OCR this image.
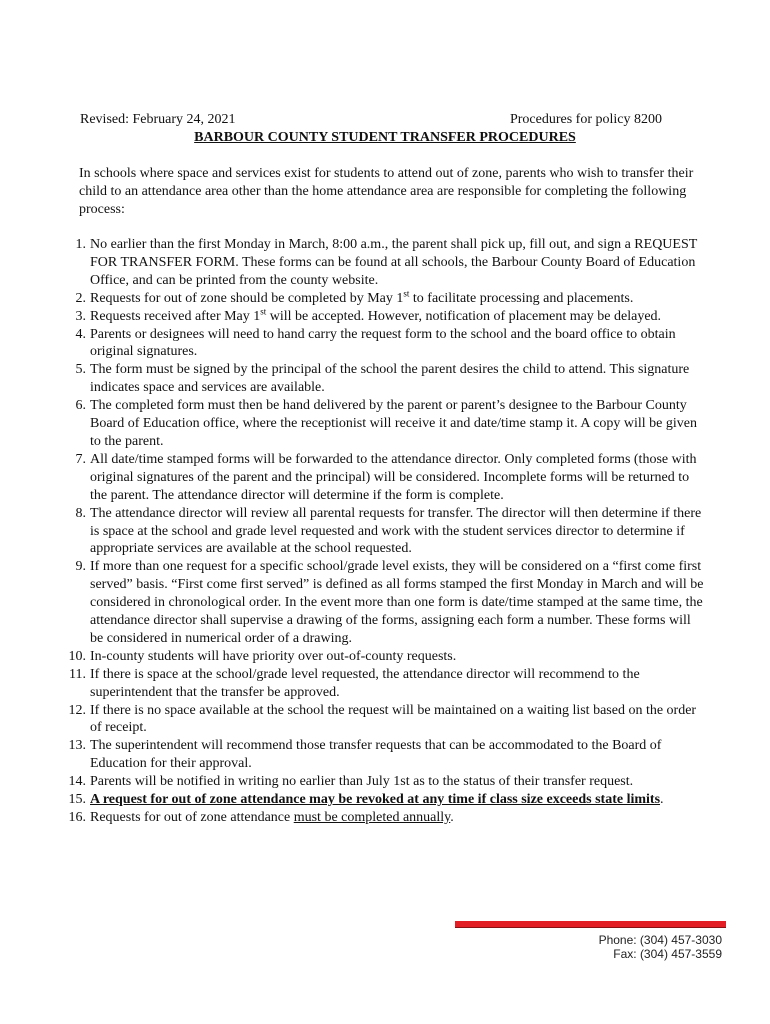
Revised: February 24, 2021	Procedures for policy 8200
BARBOUR COUNTY STUDENT TRANSFER PROCEDURES
In schools where space and services exist for students to attend out of zone, parents who wish to transfer their child to an attendance area other than the home attendance area are responsible for completing the following process:
1. No earlier than the first Monday in March, 8:00 a.m., the parent shall pick up, fill out, and sign a REQUEST FOR TRANSFER FORM. These forms can be found at all schools, the Barbour County Board of Education Office, and can be printed from the county website.
2. Requests for out of zone should be completed by May 1st to facilitate processing and placements.
3. Requests received after May 1st will be accepted. However, notification of placement may be delayed.
4. Parents or designees will need to hand carry the request form to the school and the board office to obtain original signatures.
5. The form must be signed by the principal of the school the parent desires the child to attend. This signature indicates space and services are available.
6. The completed form must then be hand delivered by the parent or parent’s designee to the Barbour County Board of Education office, where the receptionist will receive it and date/time stamp it. A copy will be given to the parent.
7. All date/time stamped forms will be forwarded to the attendance director. Only completed forms (those with original signatures of the parent and the principal) will be considered. Incomplete forms will be returned to the parent. The attendance director will determine if the form is complete.
8. The attendance director will review all parental requests for transfer. The director will then determine if there is space at the school and grade level requested and work with the student services director to determine if appropriate services are available at the school requested.
9. If more than one request for a specific school/grade level exists, they will be considered on a “first come first served” basis. “First come first served” is defined as all forms stamped the first Monday in March and will be considered in chronological order. In the event more than one form is date/time stamped at the same time, the attendance director shall supervise a drawing of the forms, assigning each form a number. These forms will be considered in numerical order of a drawing.
10. In-county students will have priority over out-of-county requests.
11. If there is space at the school/grade level requested, the attendance director will recommend to the superintendent that the transfer be approved.
12. If there is no space available at the school the request will be maintained on a waiting list based on the order of receipt.
13. The superintendent will recommend those transfer requests that can be accommodated to the Board of Education for their approval.
14. Parents will be notified in writing no earlier than July 1st as to the status of their transfer request.
15. A request for out of zone attendance may be revoked at any time if class size exceeds state limits.
16. Requests for out of zone attendance must be completed annually.
Phone: (304) 457-3030
Fax: (304) 457-3559
